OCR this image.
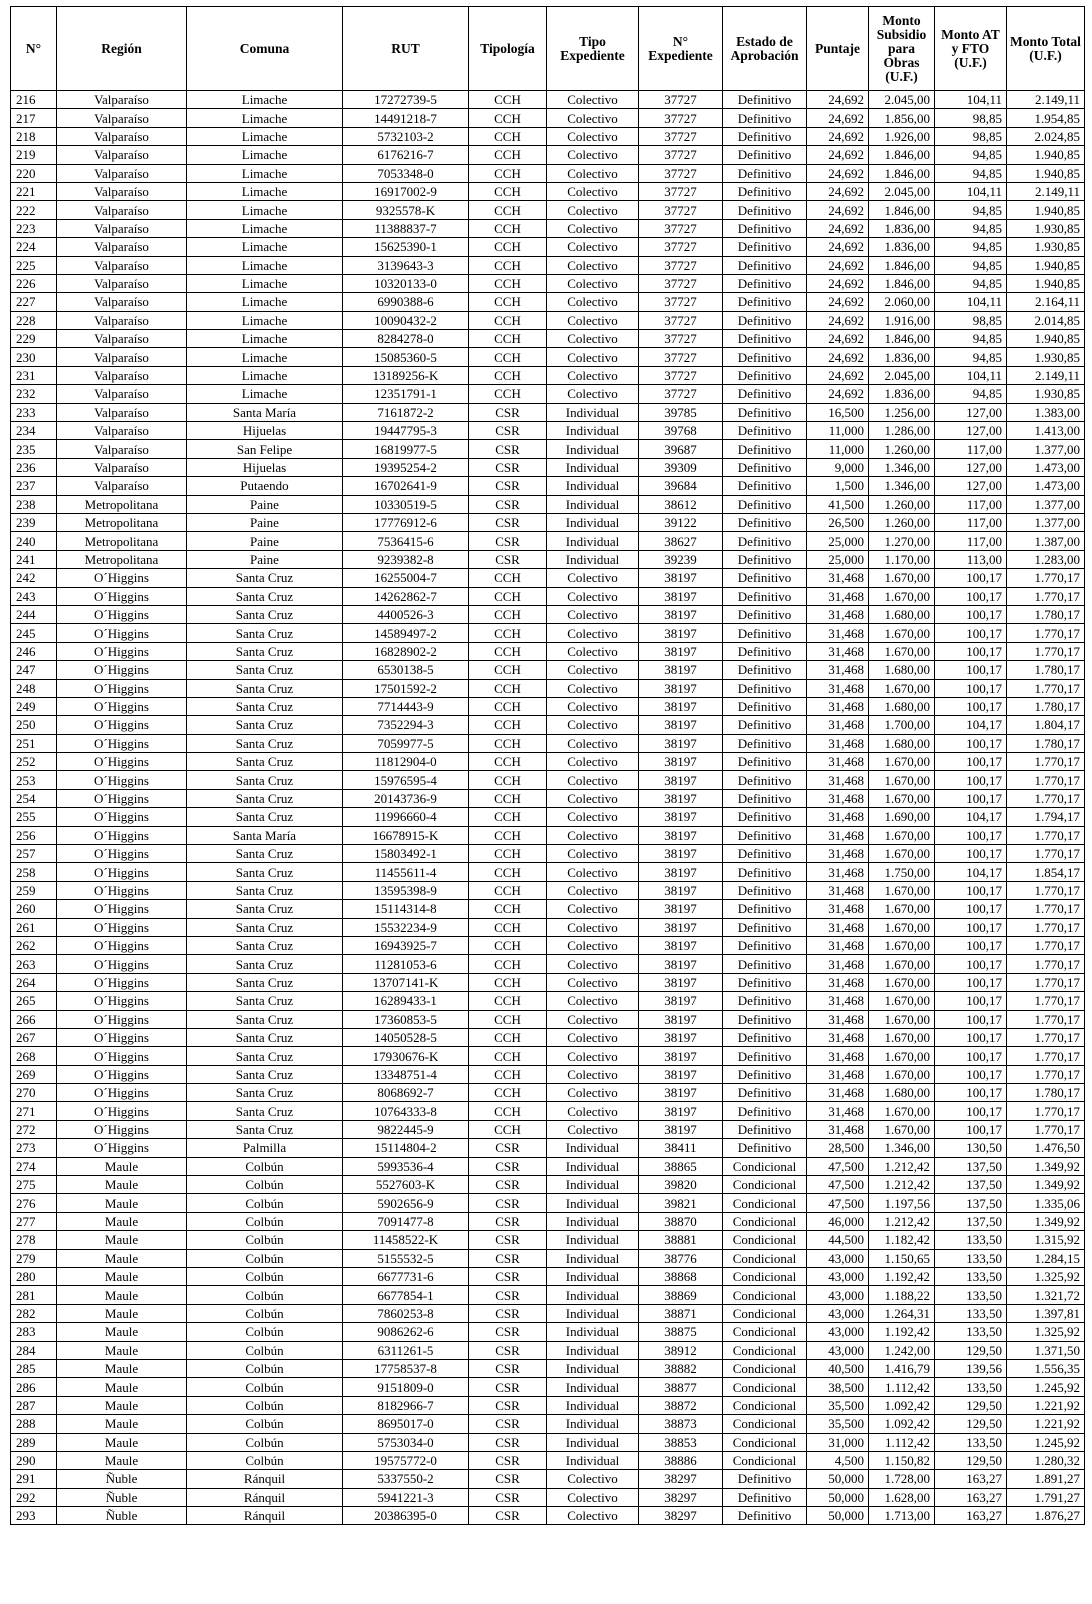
N°	Región	Comuna	RUT	Tipología	Tipo Expediente	N° Expediente	Estado de Aprobación	Puntaje	Monto Subsidio para Obras (U.F.)	Monto AT y FTO (U.F.)	Monto Total (U.F.)
216	Valparaíso	Limache	17272739-5	CCH	Colectivo	37727	Definitivo	24,692	2.045,00	104,11	2.149,11
217	Valparaíso	Limache	14491218-7	CCH	Colectivo	37727	Definitivo	24,692	1.856,00	98,85	1.954,85
218	Valparaíso	Limache	5732103-2	CCH	Colectivo	37727	Definitivo	24,692	1.926,00	98,85	2.024,85
219	Valparaíso	Limache	6176216-7	CCH	Colectivo	37727	Definitivo	24,692	1.846,00	94,85	1.940,85
220	Valparaíso	Limache	7053348-0	CCH	Colectivo	37727	Definitivo	24,692	1.846,00	94,85	1.940,85
221	Valparaíso	Limache	16917002-9	CCH	Colectivo	37727	Definitivo	24,692	2.045,00	104,11	2.149,11
222	Valparaíso	Limache	9325578-K	CCH	Colectivo	37727	Definitivo	24,692	1.846,00	94,85	1.940,85
223	Valparaíso	Limache	11388837-7	CCH	Colectivo	37727	Definitivo	24,692	1.836,00	94,85	1.930,85
224	Valparaíso	Limache	15625390-1	CCH	Colectivo	37727	Definitivo	24,692	1.836,00	94,85	1.930,85
225	Valparaíso	Limache	3139643-3	CCH	Colectivo	37727	Definitivo	24,692	1.846,00	94,85	1.940,85
226	Valparaíso	Limache	10320133-0	CCH	Colectivo	37727	Definitivo	24,692	1.846,00	94,85	1.940,85
227	Valparaíso	Limache	6990388-6	CCH	Colectivo	37727	Definitivo	24,692	2.060,00	104,11	2.164,11
228	Valparaíso	Limache	10090432-2	CCH	Colectivo	37727	Definitivo	24,692	1.916,00	98,85	2.014,85
229	Valparaíso	Limache	8284278-0	CCH	Colectivo	37727	Definitivo	24,692	1.846,00	94,85	1.940,85
230	Valparaíso	Limache	15085360-5	CCH	Colectivo	37727	Definitivo	24,692	1.836,00	94,85	1.930,85
231	Valparaíso	Limache	13189256-K	CCH	Colectivo	37727	Definitivo	24,692	2.045,00	104,11	2.149,11
232	Valparaíso	Limache	12351791-1	CCH	Colectivo	37727	Definitivo	24,692	1.836,00	94,85	1.930,85
233	Valparaíso	Santa María	7161872-2	CSR	Individual	39785	Definitivo	16,500	1.256,00	127,00	1.383,00
234	Valparaíso	Hijuelas	19447795-3	CSR	Individual	39768	Definitivo	11,000	1.286,00	127,00	1.413,00
235	Valparaíso	San Felipe	16819977-5	CSR	Individual	39687	Definitivo	11,000	1.260,00	117,00	1.377,00
236	Valparaíso	Hijuelas	19395254-2	CSR	Individual	39309	Definitivo	9,000	1.346,00	127,00	1.473,00
237	Valparaíso	Putaendo	16702641-9	CSR	Individual	39684	Definitivo	1,500	1.346,00	127,00	1.473,00
238	Metropolitana	Paine	10330519-5	CSR	Individual	38612	Definitivo	41,500	1.260,00	117,00	1.377,00
239	Metropolitana	Paine	17776912-6	CSR	Individual	39122	Definitivo	26,500	1.260,00	117,00	1.377,00
240	Metropolitana	Paine	7536415-6	CSR	Individual	38627	Definitivo	25,000	1.270,00	117,00	1.387,00
241	Metropolitana	Paine	9239382-8	CSR	Individual	39239	Definitivo	25,000	1.170,00	113,00	1.283,00
242	O´Higgins	Santa Cruz	16255004-7	CCH	Colectivo	38197	Definitivo	31,468	1.670,00	100,17	1.770,17
243	O´Higgins	Santa Cruz	14262862-7	CCH	Colectivo	38197	Definitivo	31,468	1.670,00	100,17	1.770,17
244	O´Higgins	Santa Cruz	4400526-3	CCH	Colectivo	38197	Definitivo	31,468	1.680,00	100,17	1.780,17
245	O´Higgins	Santa Cruz	14589497-2	CCH	Colectivo	38197	Definitivo	31,468	1.670,00	100,17	1.770,17
246	O´Higgins	Santa Cruz	16828902-2	CCH	Colectivo	38197	Definitivo	31,468	1.670,00	100,17	1.770,17
247	O´Higgins	Santa Cruz	6530138-5	CCH	Colectivo	38197	Definitivo	31,468	1.680,00	100,17	1.780,17
248	O´Higgins	Santa Cruz	17501592-2	CCH	Colectivo	38197	Definitivo	31,468	1.670,00	100,17	1.770,17
249	O´Higgins	Santa Cruz	7714443-9	CCH	Colectivo	38197	Definitivo	31,468	1.680,00	100,17	1.780,17
250	O´Higgins	Santa Cruz	7352294-3	CCH	Colectivo	38197	Definitivo	31,468	1.700,00	104,17	1.804,17
251	O´Higgins	Santa Cruz	7059977-5	CCH	Colectivo	38197	Definitivo	31,468	1.680,00	100,17	1.780,17
252	O´Higgins	Santa Cruz	11812904-0	CCH	Colectivo	38197	Definitivo	31,468	1.670,00	100,17	1.770,17
253	O´Higgins	Santa Cruz	15976595-4	CCH	Colectivo	38197	Definitivo	31,468	1.670,00	100,17	1.770,17
254	O´Higgins	Santa Cruz	20143736-9	CCH	Colectivo	38197	Definitivo	31,468	1.670,00	100,17	1.770,17
255	O´Higgins	Santa Cruz	11996660-4	CCH	Colectivo	38197	Definitivo	31,468	1.690,00	104,17	1.794,17
256	O´Higgins	Santa María	16678915-K	CCH	Colectivo	38197	Definitivo	31,468	1.670,00	100,17	1.770,17
257	O´Higgins	Santa Cruz	15803492-1	CCH	Colectivo	38197	Definitivo	31,468	1.670,00	100,17	1.770,17
258	O´Higgins	Santa Cruz	11455611-4	CCH	Colectivo	38197	Definitivo	31,468	1.750,00	104,17	1.854,17
259	O´Higgins	Santa Cruz	13595398-9	CCH	Colectivo	38197	Definitivo	31,468	1.670,00	100,17	1.770,17
260	O´Higgins	Santa Cruz	15114314-8	CCH	Colectivo	38197	Definitivo	31,468	1.670,00	100,17	1.770,17
261	O´Higgins	Santa Cruz	15532234-9	CCH	Colectivo	38197	Definitivo	31,468	1.670,00	100,17	1.770,17
262	O´Higgins	Santa Cruz	16943925-7	CCH	Colectivo	38197	Definitivo	31,468	1.670,00	100,17	1.770,17
263	O´Higgins	Santa Cruz	11281053-6	CCH	Colectivo	38197	Definitivo	31,468	1.670,00	100,17	1.770,17
264	O´Higgins	Santa Cruz	13707141-K	CCH	Colectivo	38197	Definitivo	31,468	1.670,00	100,17	1.770,17
265	O´Higgins	Santa Cruz	16289433-1	CCH	Colectivo	38197	Definitivo	31,468	1.670,00	100,17	1.770,17
266	O´Higgins	Santa Cruz	17360853-5	CCH	Colectivo	38197	Definitivo	31,468	1.670,00	100,17	1.770,17
267	O´Higgins	Santa Cruz	14050528-5	CCH	Colectivo	38197	Definitivo	31,468	1.670,00	100,17	1.770,17
268	O´Higgins	Santa Cruz	17930676-K	CCH	Colectivo	38197	Definitivo	31,468	1.670,00	100,17	1.770,17
269	O´Higgins	Santa Cruz	13348751-4	CCH	Colectivo	38197	Definitivo	31,468	1.670,00	100,17	1.770,17
270	O´Higgins	Santa Cruz	8068692-7	CCH	Colectivo	38197	Definitivo	31,468	1.680,00	100,17	1.780,17
271	O´Higgins	Santa Cruz	10764333-8	CCH	Colectivo	38197	Definitivo	31,468	1.670,00	100,17	1.770,17
272	O´Higgins	Santa Cruz	9822445-9	CCH	Colectivo	38197	Definitivo	31,468	1.670,00	100,17	1.770,17
273	O´Higgins	Palmilla	15114804-2	CSR	Individual	38411	Definitivo	28,500	1.346,00	130,50	1.476,50
274	Maule	Colbún	5993536-4	CSR	Individual	38865	Condicional	47,500	1.212,42	137,50	1.349,92
275	Maule	Colbún	5527603-K	CSR	Individual	39820	Condicional	47,500	1.212,42	137,50	1.349,92
276	Maule	Colbún	5902656-9	CSR	Individual	39821	Condicional	47,500	1.197,56	137,50	1.335,06
277	Maule	Colbún	7091477-8	CSR	Individual	38870	Condicional	46,000	1.212,42	137,50	1.349,92
278	Maule	Colbún	11458522-K	CSR	Individual	38881	Condicional	44,500	1.182,42	133,50	1.315,92
279	Maule	Colbún	5155532-5	CSR	Individual	38776	Condicional	43,000	1.150,65	133,50	1.284,15
280	Maule	Colbún	6677731-6	CSR	Individual	38868	Condicional	43,000	1.192,42	133,50	1.325,92
281	Maule	Colbún	6677854-1	CSR	Individual	38869	Condicional	43,000	1.188,22	133,50	1.321,72
282	Maule	Colbún	7860253-8	CSR	Individual	38871	Condicional	43,000	1.264,31	133,50	1.397,81
283	Maule	Colbún	9086262-6	CSR	Individual	38875	Condicional	43,000	1.192,42	133,50	1.325,92
284	Maule	Colbún	6311261-5	CSR	Individual	38912	Condicional	43,000	1.242,00	129,50	1.371,50
285	Maule	Colbún	17758537-8	CSR	Individual	38882	Condicional	40,500	1.416,79	139,56	1.556,35
286	Maule	Colbún	9151809-0	CSR	Individual	38877	Condicional	38,500	1.112,42	133,50	1.245,92
287	Maule	Colbún	8182966-7	CSR	Individual	38872	Condicional	35,500	1.092,42	129,50	1.221,92
288	Maule	Colbún	8695017-0	CSR	Individual	38873	Condicional	35,500	1.092,42	129,50	1.221,92
289	Maule	Colbún	5753034-0	CSR	Individual	38853	Condicional	31,000	1.112,42	133,50	1.245,92
290	Maule	Colbún	19575772-0	CSR	Individual	38886	Condicional	4,500	1.150,82	129,50	1.280,32
291	Ñuble	Ránquil	5337550-2	CSR	Colectivo	38297	Definitivo	50,000	1.728,00	163,27	1.891,27
292	Ñuble	Ránquil	5941221-3	CSR	Colectivo	38297	Definitivo	50,000	1.628,00	163,27	1.791,27
293	Ñuble	Ránquil	20386395-0	CSR	Colectivo	38297	Definitivo	50,000	1.713,00	163,27	1.876,27
